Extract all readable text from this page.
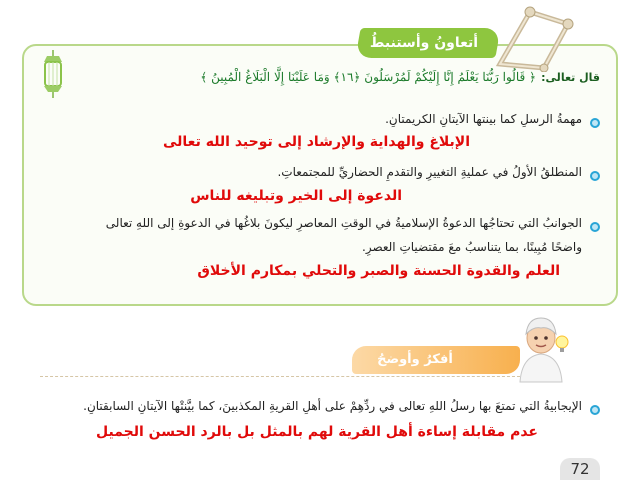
أتعاونُ وأستنبطُ
قال تعالى: ﴿ قَالُوا رَبُّنَا يَعْلَمُ إِنَّا إِلَيْكُمْ لَمُرْسَلُونَ ﴿١٦﴾ وَمَا عَلَيْنَا إِلَّا الْبَلَاغُ الْمُبِينُ ﴾
مهمةُ الرسلِ كما بينتها الآيتانِ الكريمتانِ.
الإبلاغ والهداية والإرشاد إلى توحيد الله تعالى
المنطلقُ الأولُ في عمليةِ التغييرِ والتقدمِ الحضاريِّ للمجتمعاتِ.
الدعوة إلى الخير وتبليغه للناس
الجوانبُ التي تحتاجُها الدعوةُ الإسلاميةُ في الوقتِ المعاصرِ ليكونَ بلاغُها في الدعوةِ إلى اللهِ تعالى
واضحًا مُبِينًا، بما يتناسبُ معَ مقتضياتِ العصرِ.
العلم والقدوة الحسنة والصبر والتحلي بمكارم الأخلاق
أفكرُ وأوضحُ
الإيجابيةُ التي تمتعَ بها رسلُ اللهِ تعالى في ردِّهِمْ على أهلِ القريةِ المكذبينَ، كما بيَّنتْها الآيتانِ السابقتانِ.
عدم مقابلة إساءة أهل القرية لهم بالمثل بل بالرد الحسن الجميل
72
